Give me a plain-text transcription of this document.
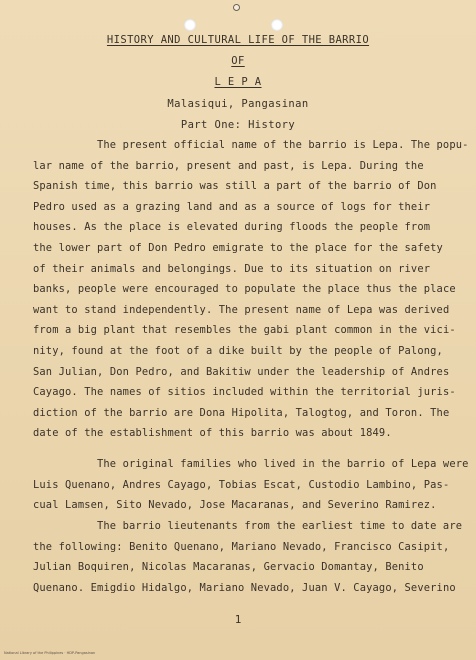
HISTORY AND CULTURAL LIFE OF THE BARRIO
OF
L E P A
Malasiqui, Pangasinan
Part One: History
The present official name of the barrio is Lepa. The popu-
lar name of the barrio, present and past, is Lepa. During the
Spanish time, this barrio was still a part of the barrio of Don
Pedro used as a grazing land and as a source of logs for their
houses. As the place is elevated during floods the people from
the lower part of Don Pedro emigrate to the place for the safety
of their animals and belongings. Due to its situation on river
banks, people were encouraged to populate the place thus the place
want to stand independently. The present name of Lepa was derived
from a big plant that resembles the gabi plant common in the vici-
nity, found at the foot of a dike built by the people of Palong,
San Julian, Don Pedro, and Bakitiw under the leadership of Andres
Cayago. The names of sitios included within the territorial juris-
diction of the barrio are Dona Hipolita, Talogtog, and Toron. The
date of the establishment of this barrio was about 1849.
The original families who lived in the barrio of Lepa were
Luis Quenano, Andres Cayago, Tobias Escat, Custodio Lambino, Pas-
cual Lamsen, Sito Nevado, Jose Macaranas, and Severino Ramirez.
The barrio lieutenants from the earliest time to date are
the following: Benito Quenano, Mariano Nevado, Francisco Casipit,
Julian Boquiren, Nicolas Macaranas, Gervacio Domantay, Benito
Quenano. Emigdio Hidalgo, Mariano Nevado, Juan V. Cayago, Severino
1
National Library of the Philippines · HDP-Pangasinan
